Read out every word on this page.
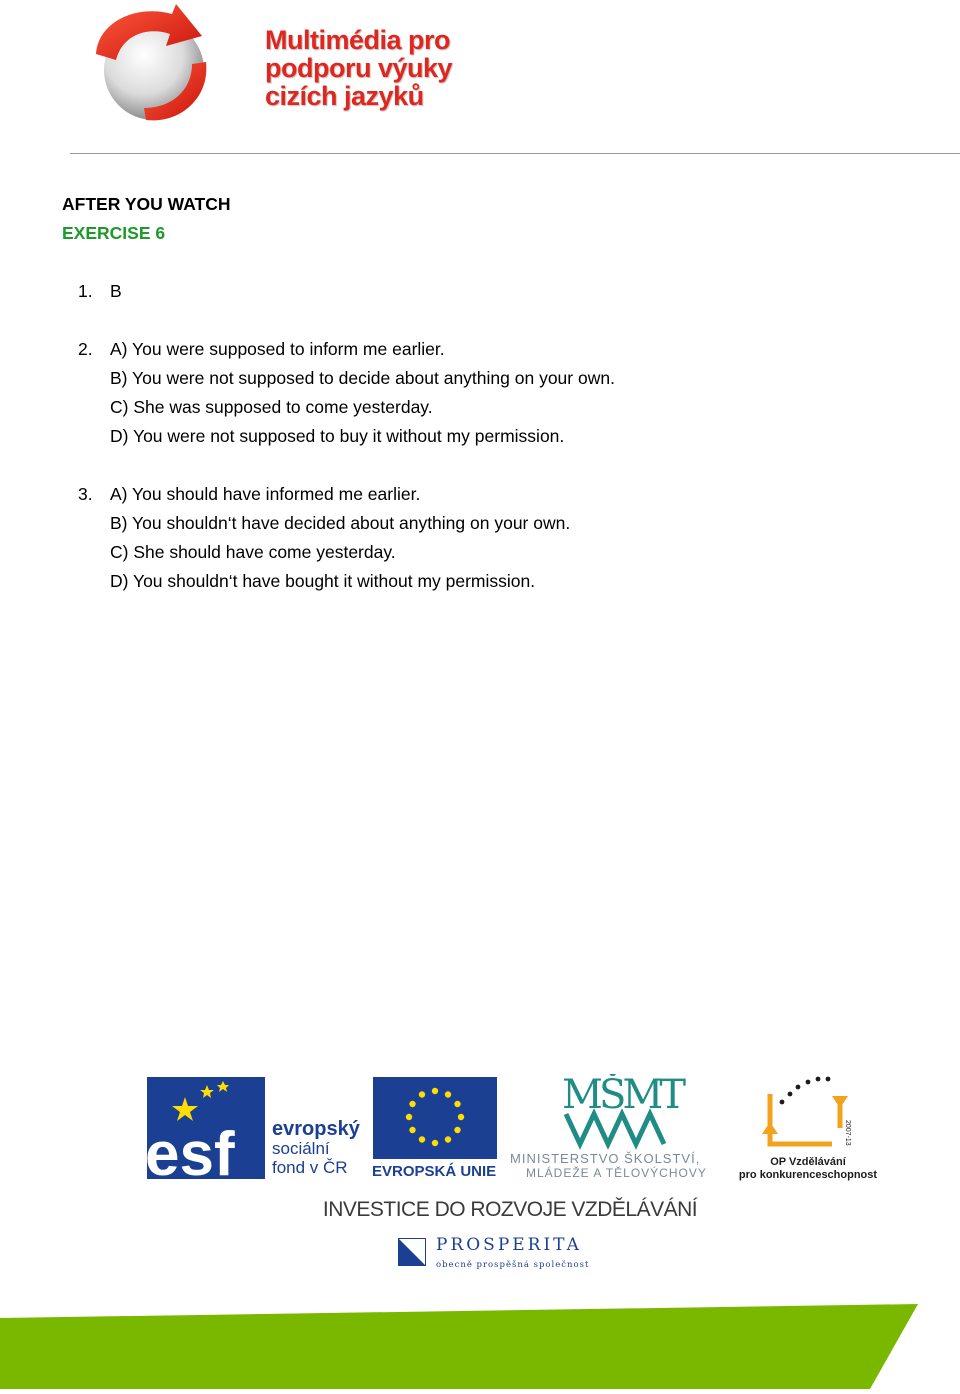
Multimédia pro
podporu výuky
cizích jazyků
AFTER YOU WATCH
EXERCISE 6
1. B
2. A) You were supposed to inform me earlier.
B) You were not supposed to decide about anything on your own.
C) She was supposed to come yesterday.
D) You were not supposed to buy it without my permission.
3. A) You should have informed me earlier.
B) You shouldn‘t have decided about anything on your own.
C) She should have come yesterday.
D) You shouldn‘t have bought it without my permission.
esf evropský
sociální
fond v ČR	EVROPSKÁ UNIE
MŠMT
MINISTERSTVO ŠKOLSTVÍ,
MLÁDEŽE A TĚLOVÝCHOVY
2007-13
OP Vzdělávání
pro konkurenceschopnost
INVESTICE DO ROZVOJE VZDĚLÁVÁNÍ
PROSPERITA
obecně prospěšná společnost
